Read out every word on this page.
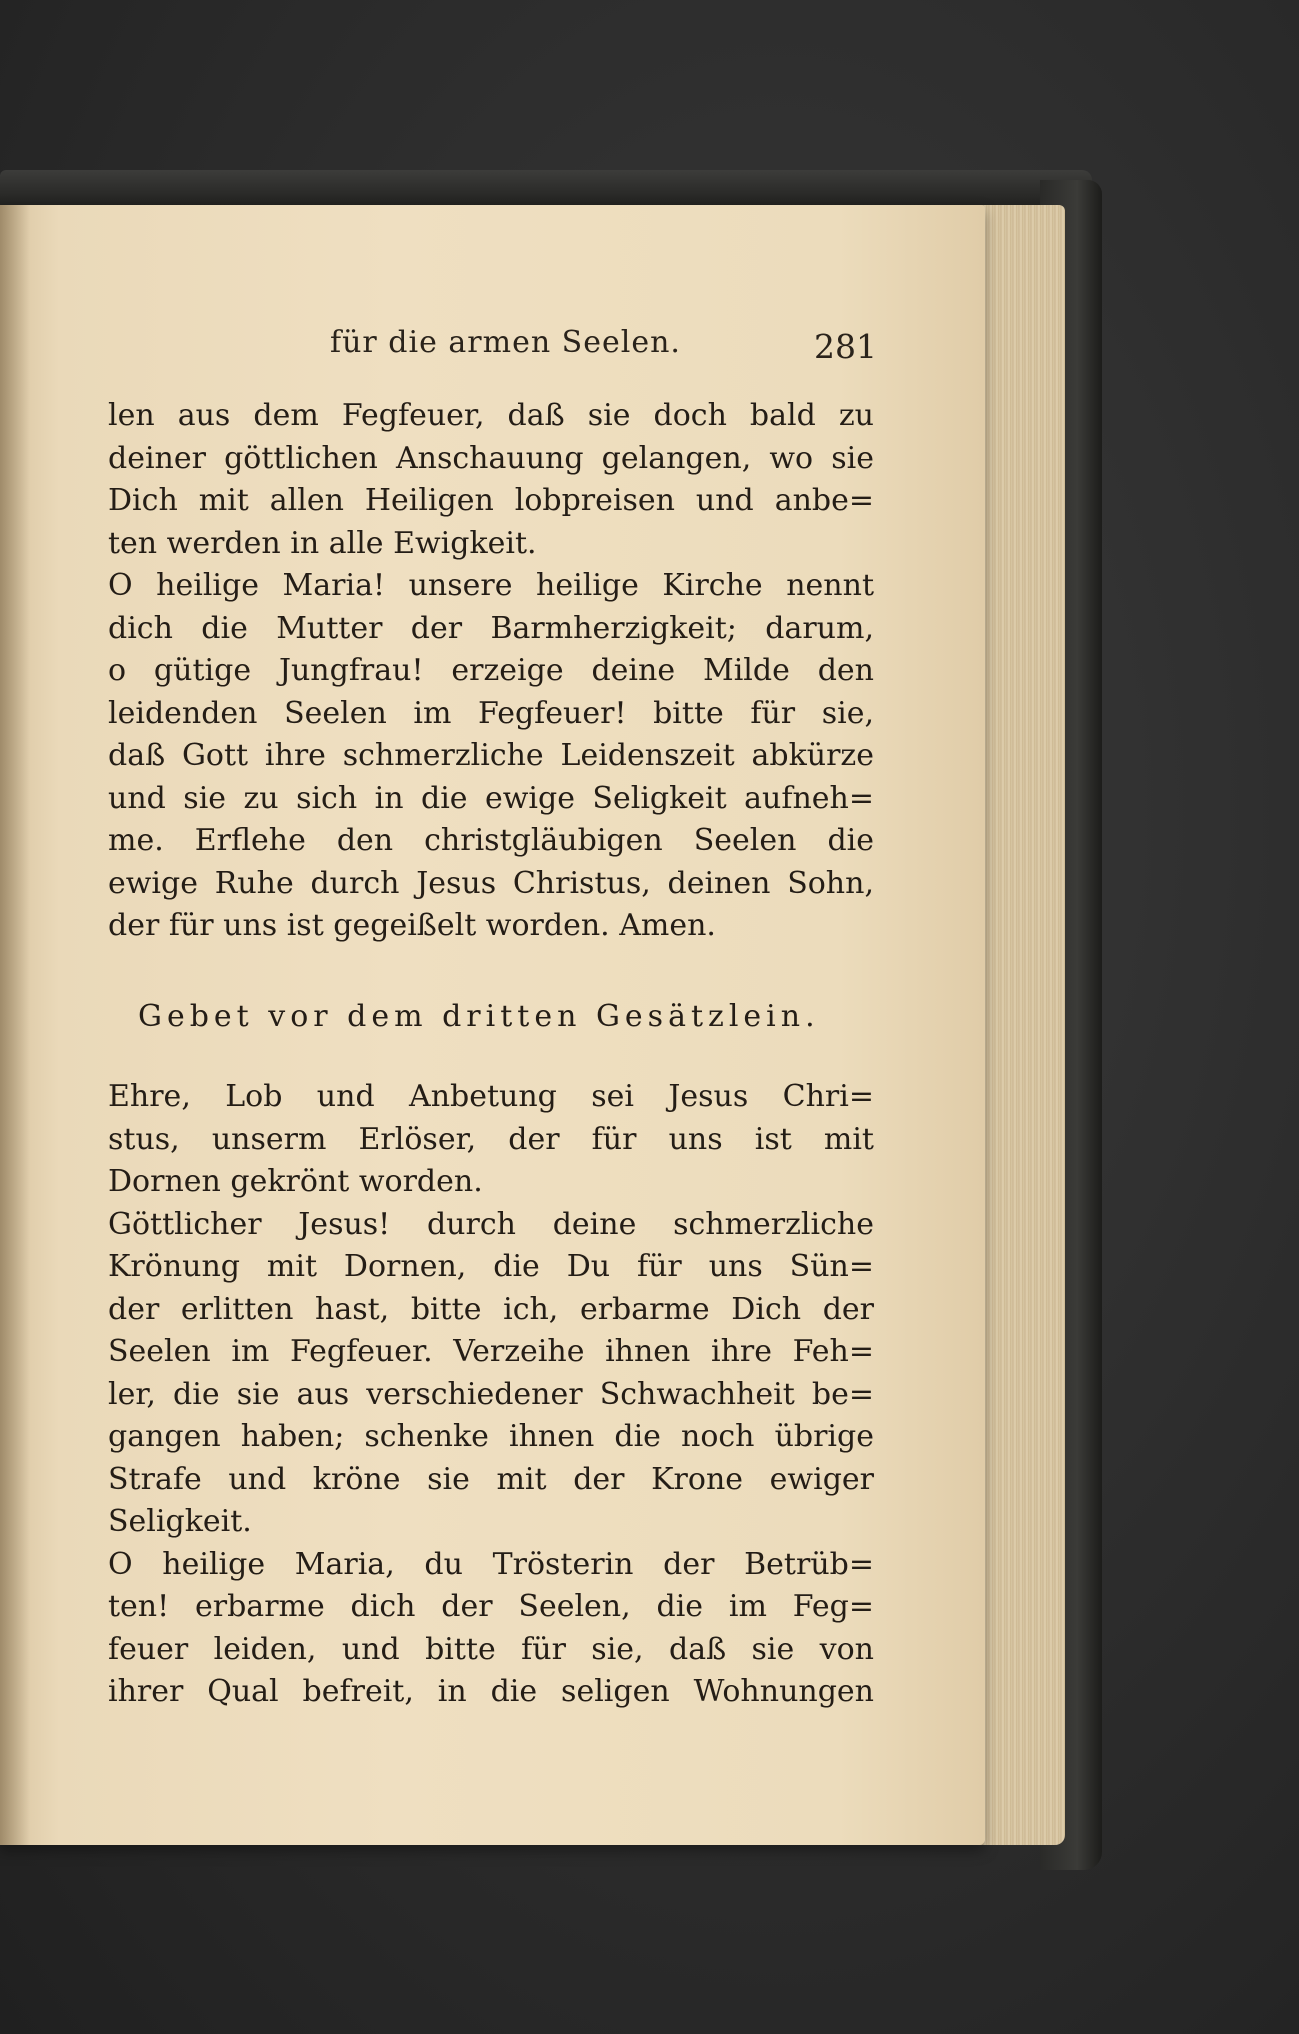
für die armen Seelen.	281
len aus dem Fegfeuer, daß sie doch bald zu
deiner göttlichen Anschauung gelangen, wo sie
Dich mit allen Heiligen lobpreisen und anbe=
ten werden in alle Ewigkeit.
O heilige Maria! unsere heilige Kirche nennt
dich die Mutter der Barmherzigkeit; darum,
o gütige Jungfrau! erzeige deine Milde den
leidenden Seelen im Fegfeuer! bitte für sie,
daß Gott ihre schmerzliche Leidenszeit abkürze
und sie zu sich in die ewige Seligkeit aufneh=
me. Erflehe den christgläubigen Seelen die
ewige Ruhe durch Jesus Christus, deinen Sohn,
der für uns ist gegeißelt worden. Amen.
Gebet vor dem dritten Gesätzlein.
Ehre, Lob und Anbetung sei Jesus Chri=
stus, unserm Erlöser, der für uns ist mit
Dornen gekrönt worden.
Göttlicher Jesus! durch deine schmerzliche
Krönung mit Dornen, die Du für uns Sün=
der erlitten hast, bitte ich, erbarme Dich der
Seelen im Fegfeuer. Verzeihe ihnen ihre Feh=
ler, die sie aus verschiedener Schwachheit be=
gangen haben; schenke ihnen die noch übrige
Strafe und kröne sie mit der Krone ewiger
Seligkeit.
O heilige Maria, du Trösterin der Betrüb=
ten! erbarme dich der Seelen, die im Feg=
feuer leiden, und bitte für sie, daß sie von
ihrer Qual befreit, in die seligen Wohnungen
